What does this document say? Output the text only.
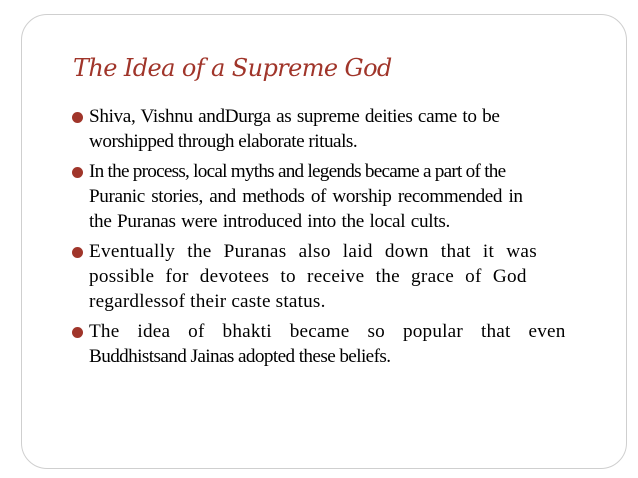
The Idea of a Supreme God
Shiva, Vishnu andDurga as supreme deities came to be
worshipped through elaborate rituals.
In the process, local myths and legends became a part of the
Puranic stories, and methods of worship recommended in
the Puranas were introduced into the local cults.
Eventually the Puranas also laid down that it was
possible for devotees to receive the grace of God
regardlessof their caste status.
The idea of bhakti became so popular that even
Buddhistsand Jainas adopted these beliefs.
